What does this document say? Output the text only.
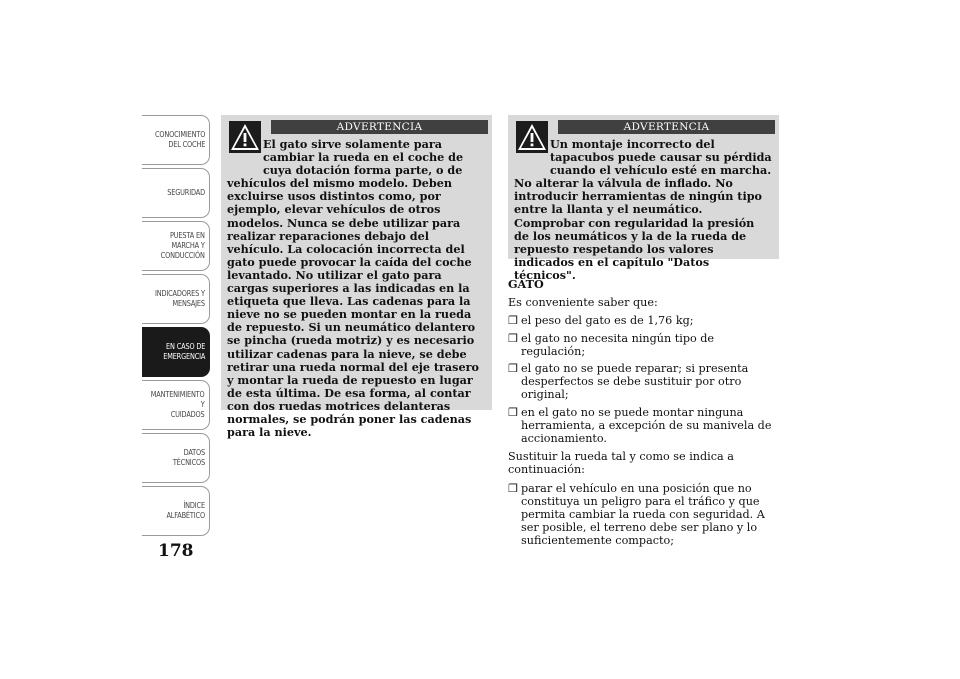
CONOCIMIENTO
DEL COCHE
SEGURIDAD
PUESTA EN
MARCHA Y
CONDUCCIÓN
INDICADORES Y
MENSAJES
EN CASO DE
EMERGENCIA
MANTENIMIENTO Y
CUIDADOS
DATOS TÉCNICOS
ÍNDICE
ALFABÉTICO
178
ADVERTENCIA
El gato sirve solamente para cambiar la rueda en el coche de cuya dotación forma parte, o de vehículos del mismo modelo. Deben excluirse usos distintos como, por ejemplo, elevar vehículos de otros modelos. Nunca se debe utilizar para realizar reparaciones debajo del vehículo. La colocación incorrecta del gato puede provocar la caída del coche levantado. No utilizar el gato para cargas superiores a las indicadas en la etiqueta que lleva. Las cadenas para la nieve no se pueden montar en la rueda de repuesto. Si un neumático delantero se pincha (rueda motriz) y es necesario utilizar cadenas para la nieve, se debe retirar una rueda normal del eje trasero y montar la rueda de repuesto en lugar de esta última. De esa forma, al contar con dos ruedas motrices delanteras normales, se podrán poner las cadenas para la nieve.
ADVERTENCIA
Un montaje incorrecto del tapacubos puede causar su pérdida cuando el vehículo esté en marcha. No alterar la válvula de inflado. No introducir herramientas de ningún tipo entre la llanta y el neumático. Comprobar con regularidad la presión de los neumáticos y la de la rueda de repuesto respetando los valores indicados en el capítulo "Datos técnicos".
GATO
Es conveniente saber que:
❒ el peso del gato es de 1,76 kg;
❒ el gato no necesita ningún tipo de regulación;
❒ el gato no se puede reparar; si presenta desperfectos se debe sustituir por otro original;
❒ en el gato no se puede montar ninguna herramienta, a excepción de su manivela de accionamiento.
Sustituir la rueda tal y como se indica a continuación:
❒ parar el vehículo en una posición que no constituya un peligro para el tráfico y que permita cambiar la rueda con seguridad. A ser posible, el terreno debe ser plano y lo suficientemente compacto;
